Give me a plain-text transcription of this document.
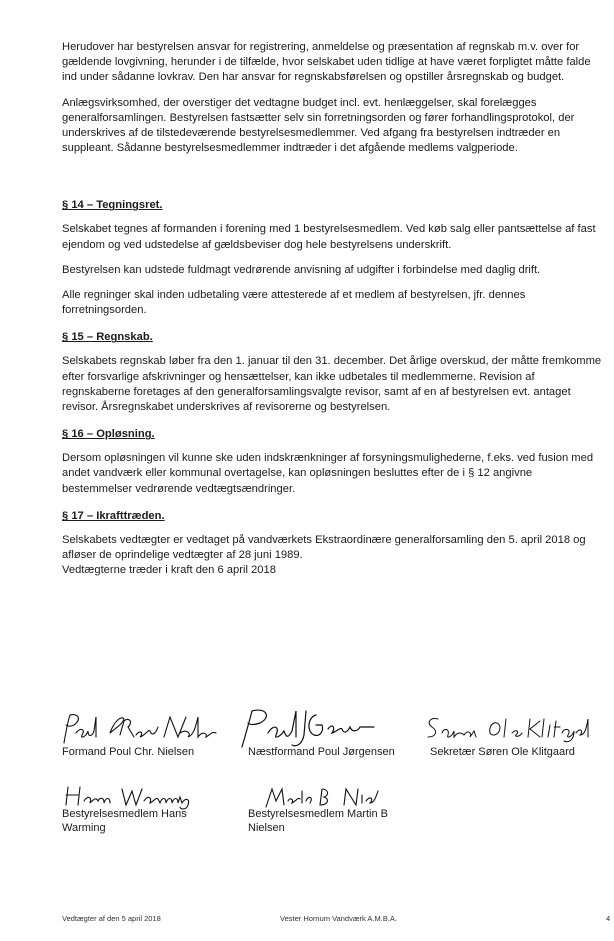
Herudover har bestyrelsen ansvar for registrering, anmeldelse og præsentation af regnskab m.v. over for gældende lovgivning, herunder i de tilfælde, hvor selskabet uden tidlige at have været forpligtet måtte falde ind under sådanne lovkrav. Den har ansvar for regnskabsførelsen og opstiller årsregnskab og budget.

Anlægsvirksomhed, der overstiger det vedtagne budget incl. evt. henlæggelser, skal forelægges generalforsamlingen. Bestyrelsen fastsætter selv sin forretningsorden og fører forhandlingsprotokol, der underskrives af de tilstedeværende bestyrelsesmedlemmer. Ved afgang fra bestyrelsen indtræder en suppleant. Sådanne bestyrelsesmedlemmer indtræder i det afgående medlems valgperiode.

§ 14 – Tegningsret.

Selskabet tegnes af formanden i forening med 1 bestyrelsesmedlem. Ved køb salg eller pantsættelse af fast ejendom og ved udstedelse af gældsbeviser dog hele bestyrelsens underskrift.

Bestyrelsen kan udstede fuldmagt vedrørende anvisning af udgifter i forbindelse med daglig drift.

Alle regninger skal inden udbetaling være attesterede af et medlem af bestyrelsen, jfr. dennes forretningsorden.

§ 15 – Regnskab.

Selskabets regnskab løber fra den 1. januar til den 31. december. Det årlige overskud, der måtte fremkomme efter forsvarlige afskrivninger og hensættelser, kan ikke udbetales til medlemmerne. Revision af regnskaberne foretages af den generalforsamlingsvalgte revisor, samt af en af bestyrelsen evt. antaget revisor. Årsregnskabet underskrives af revisorerne og bestyrelsen.

§ 16 – Opløsning.

Dersom opløsningen vil kunne ske uden indskrænkninger af forsyningsmulighederne, f.eks. ved fusion med andet vandværk eller kommunal overtagelse, kan opløsningen besluttes efter de i § 12 angivne bestemmelser vedrørende vedtægtsændringer.

§ 17 – Ikrafttræden.

Selskabets vedtægter er vedtaget på vandværkets Ekstraordinære generalforsamling den 5. april 2018 og afløser de oprindelige vedtægter af 28 juni 1989.

Vedtægterne træder i kraft den 6 april 2018

Formand Poul Chr. Nielsen	Næstformand Poul Jørgensen	Sekretær Søren Ole Klitgaard
Bestyrelsesmedlem Hans
Warming
Bestyrelsesmedlem Martin B
Nielsen
Vedtægter af den 5 april 2018	Vester Hornum Vandværk A.M.B.A.	4
